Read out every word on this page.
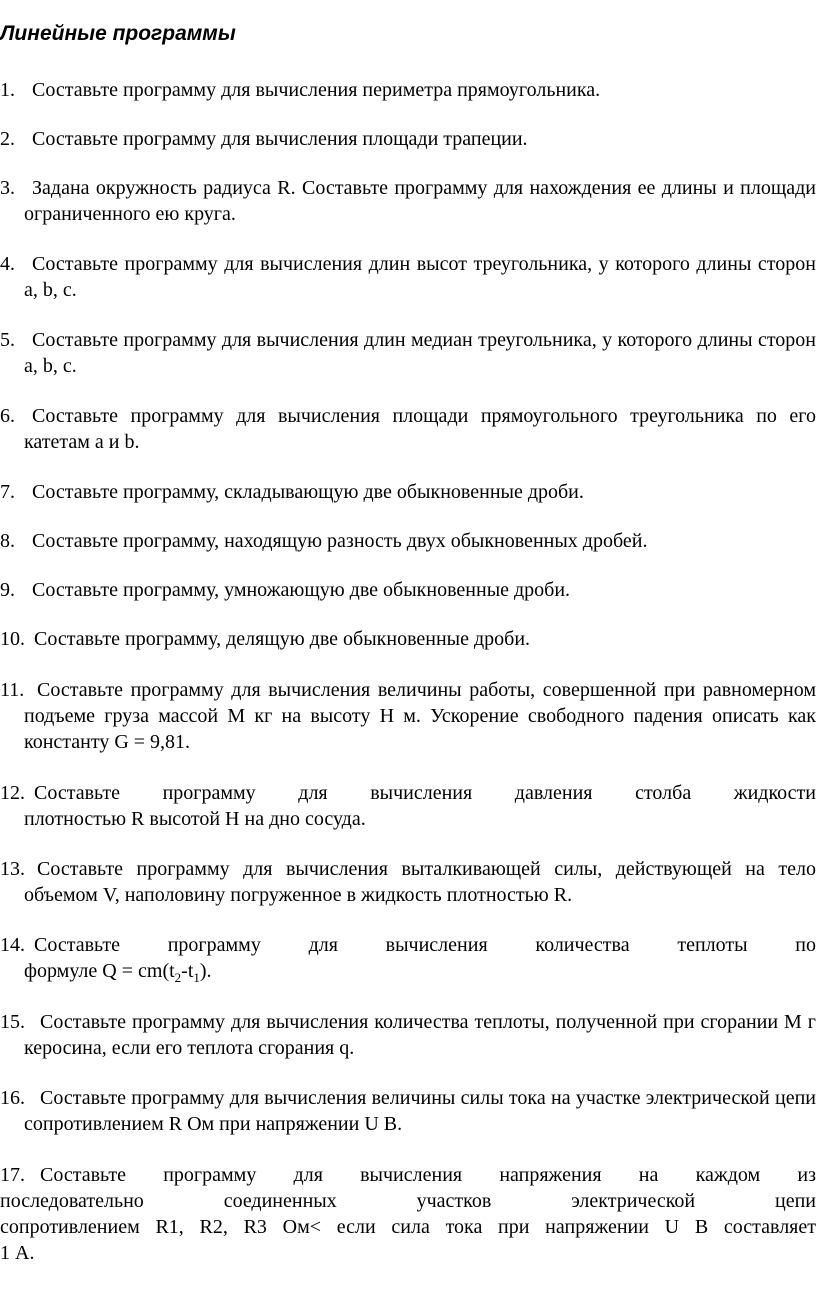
Линейные программы
1. Составьте программу для вычисления периметра прямоугольника.
2. Составьте программу для вычисления площади трапеции.
3. Задана окружность радиуса R. Составьте программу для нахождения ее длины и площади ограниченного ею круга.
4. Составьте программу для вычисления длин высот треугольника, у которого длины сторон a, b, c.
5. Составьте программу для вычисления длин медиан треугольника, у которого длины сторон a, b, c.
6. Составьте программу для вычисления площади прямоугольного треугольника по его катетам a и b.
7. Составьте программу, складывающую две обыкновенные дроби.
8. Составьте программу, находящую разность двух обыкновенных дробей.
9. Составьте программу, умножающую две обыкновенные дроби.
10. Составьте программу, делящую две обыкновенные дроби.
11. Составьте программу для вычисления величины работы, совершенной при равномерном подъеме груза массой М кг на высоту Н м. Ускорение свободного падения описать как константу G = 9,81.
12. Составьте программу для вычисления давления столба жидкости
плотностью R высотой H на дно сосуда.
13. Составьте программу для вычисления выталкивающей силы, действующей на тело объемом V, наполовину погруженное в жидкость плотностью R.
14. Составьте программу для вычисления количества теплоты по
формуле $Q = cm(t_2-t_1)$.
15. Составьте программу для вычисления количества теплоты, полученной при сгорании М г керосина, если его теплота сгорания q.
16. Составьте программу для вычисления величины силы тока на участке электрической цепи сопротивлением R Ом при напряжении U В.
17. Составьте программу для вычисления напряжения на каждом из
последовательно соединенных участков электрической цепи
сопротивлением R1, R2, R3 Ом< если сила тока при напряжении U В составляет
1 А.
